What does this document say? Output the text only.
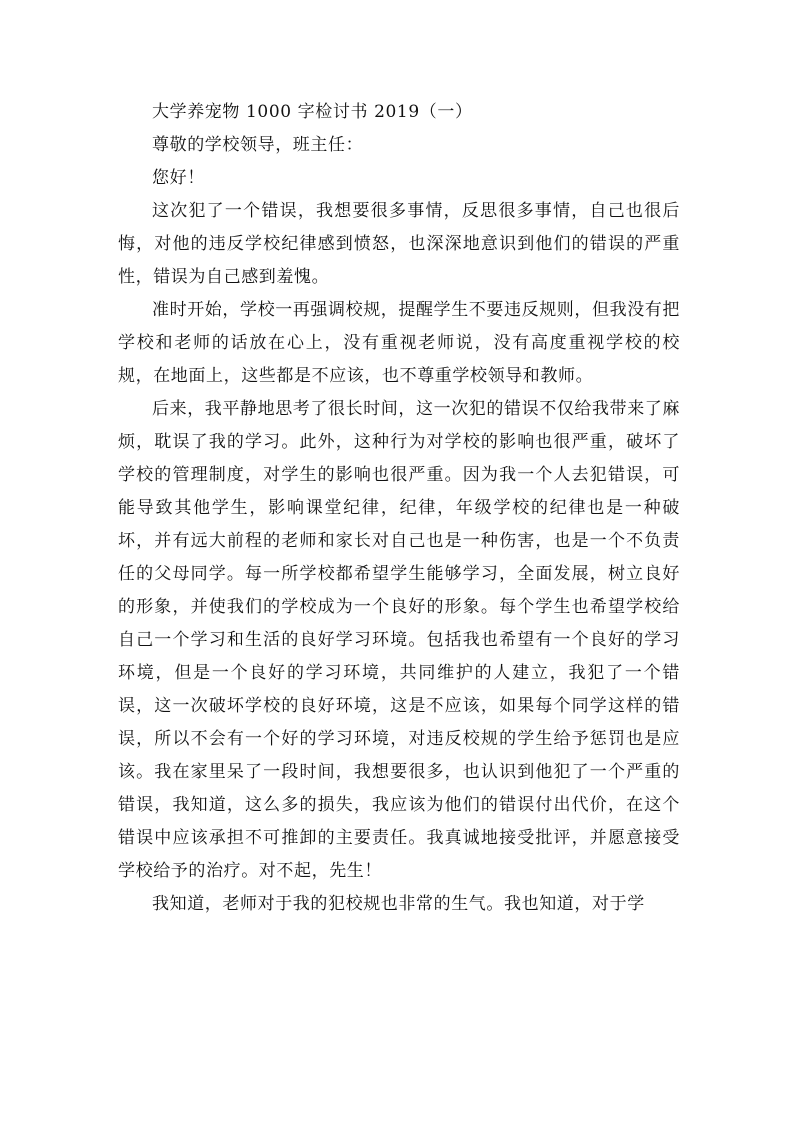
大学养宠物 1000 字检讨书 2019（一）

尊敬的学校领导，班主任：

您好！

这次犯了一个错误，我想要很多事情，反思很多事情，自己也很后悔，对他的违反学校纪律感到愤怒，也深深地意识到他们的错误的严重性，错误为自己感到羞愧。

准时开始，学校一再强调校规，提醒学生不要违反规则，但我没有把学校和老师的话放在心上，没有重视老师说，没有高度重视学校的校规，在地面上，这些都是不应该，也不尊重学校领导和教师。

后来，我平静地思考了很长时间，这一次犯的错误不仅给我带来了麻烦，耽误了我的学习。此外，这种行为对学校的影响也很严重，破坏了学校的管理制度，对学生的影响也很严重。因为我一个人去犯错误，可能导致其他学生，影响课堂纪律，纪律，年级学校的纪律也是一种破坏，并有远大前程的老师和家长对自己也是一种伤害，也是一个不负责任的父母同学。每一所学校都希望学生能够学习，全面发展，树立良好的形象，并使我们的学校成为一个良好的形象。每个学生也希望学校给自己一个学习和生活的良好学习环境。包括我也希望有一个良好的学习环境，但是一个良好的学习环境，共同维护的人建立，我犯了一个错误，这一次破坏学校的良好环境，这是不应该，如果每个同学这样的错误，所以不会有一个好的学习环境，对违反校规的学生给予惩罚也是应该。我在家里呆了一段时间，我想要很多，也认识到他犯了一个严重的错误，我知道，这么多的损失，我应该为他们的错误付出代价，在这个错误中应该承担不可推卸的主要责任。我真诚地接受批评，并愿意接受学校给予的治疗。对不起，先生！

我知道，老师对于我的犯校规也非常的生气。我也知道，对于学
